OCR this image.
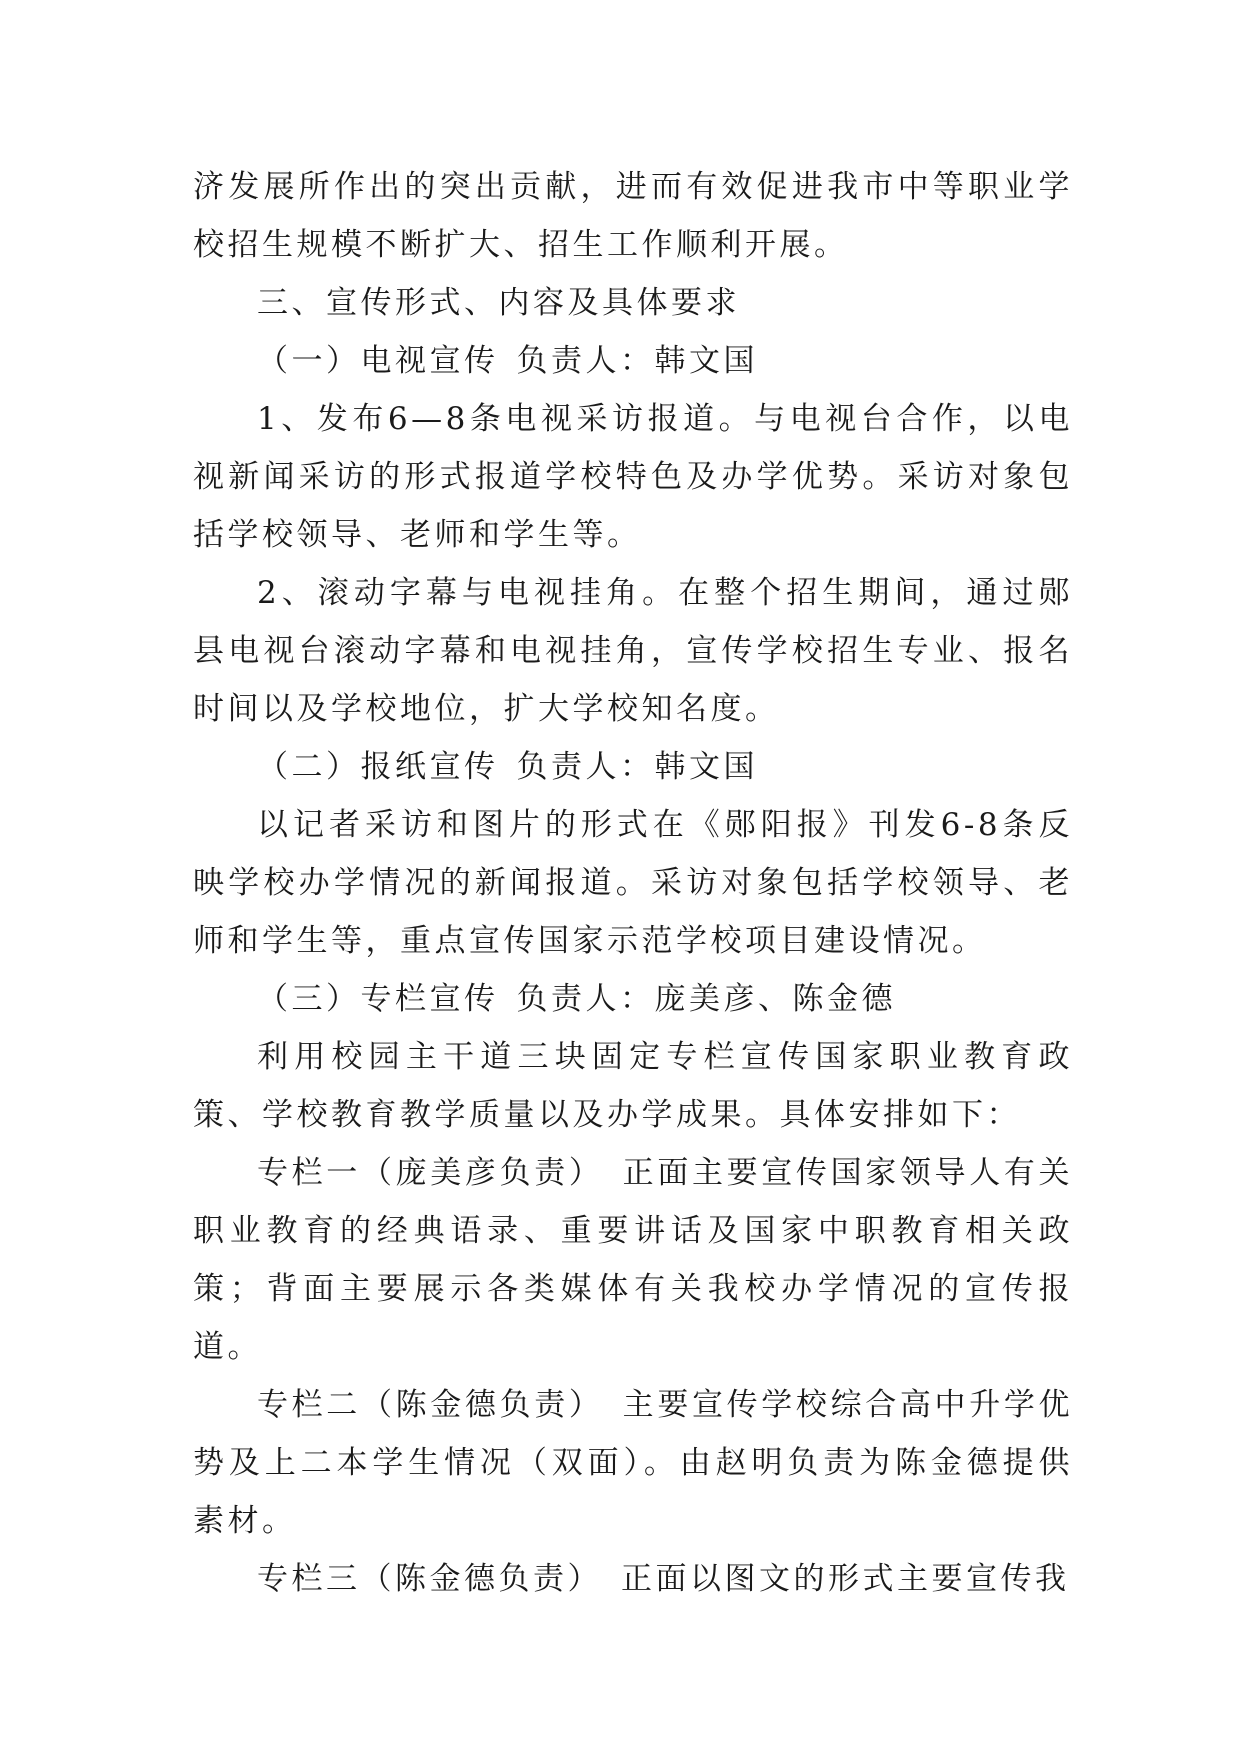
济发展所作出的突出贡献，进而有效促进我市中等职业学校招生规模不断扩大、招生工作顺利开展。

三、宣传形式、内容及具体要求

（一）电视宣传 负责人：韩文国

1、发布6—8条电视采访报道。与电视台合作，以电视新闻采访的形式报道学校特色及办学优势。采访对象包括学校领导、老师和学生等。

2、滚动字幕与电视挂角。在整个招生期间，通过郧县电视台滚动字幕和电视挂角，宣传学校招生专业、报名时间以及学校地位，扩大学校知名度。

（二）报纸宣传 负责人：韩文国

以记者采访和图片的形式在《郧阳报》刊发6-8条反映学校办学情况的新闻报道。采访对象包括学校领导、老师和学生等，重点宣传国家示范学校项目建设情况。

（三）专栏宣传 负责人：庞美彦、陈金德

利用校园主干道三块固定专栏宣传国家职业教育政策、学校教育教学质量以及办学成果。具体安排如下：

专栏一（庞美彦负责）　正面主要宣传国家领导人有关职业教育的经典语录、重要讲话及国家中职教育相关政策；背面主要展示各类媒体有关我校办学情况的宣传报道。

专栏二（陈金德负责）　主要宣传学校综合高中升学优势及上二本学生情况（双面）。由赵明负责为陈金德提供素材。

专栏三（陈金德负责）　正面以图文的形式主要宣传我
